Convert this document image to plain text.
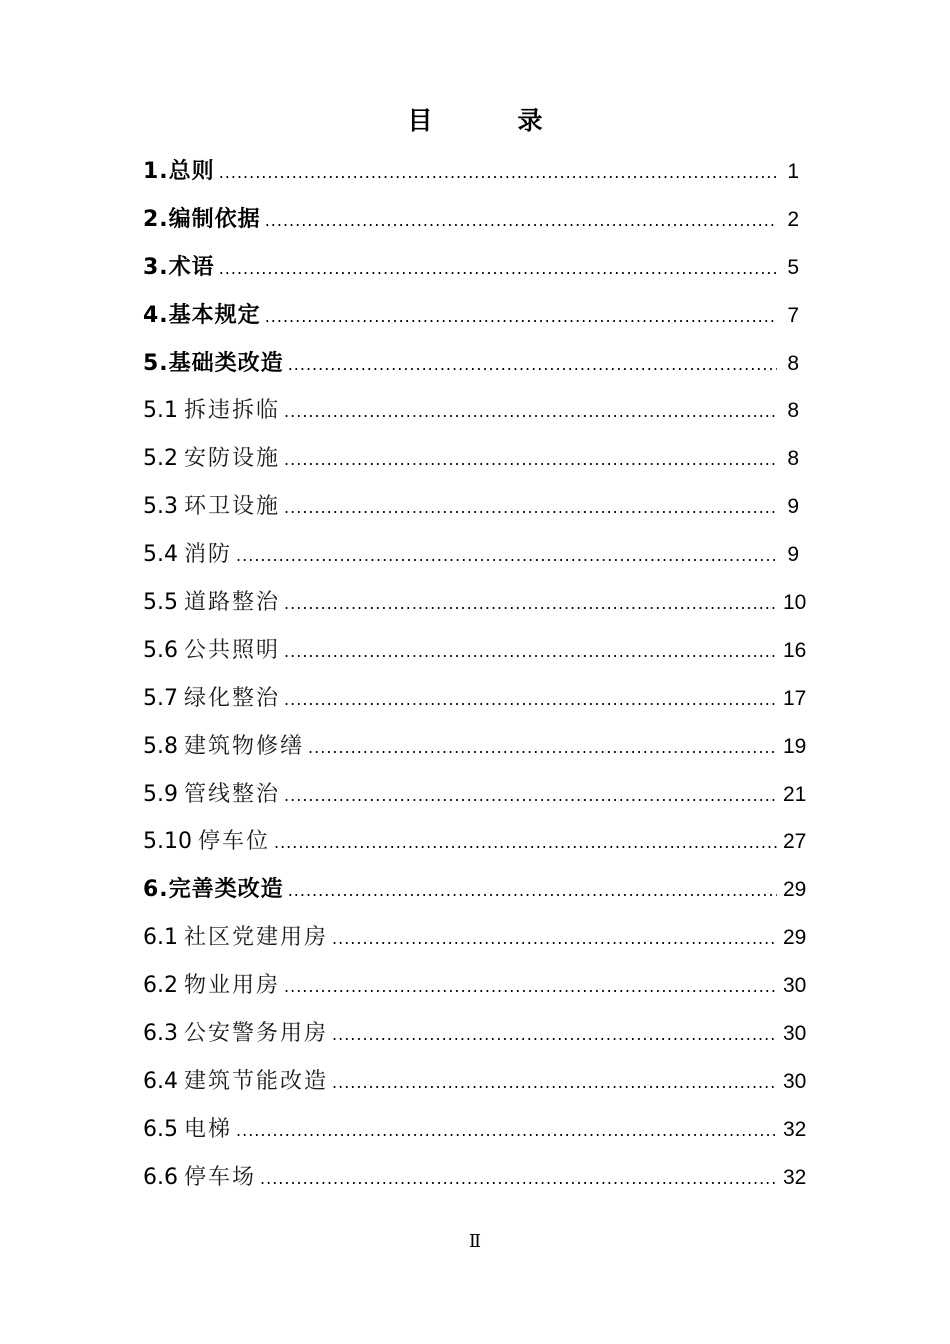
目　录
1. 总则 .....	1
2. 编制依据 .....	2
3. 术语 .....	5
4. 基本规定 .....	7
5. 基础类改造 .....	8
5.1 拆违拆临 .....	8
5.2 安防设施 .....	8
5.3 环卫设施 .....	9
5.4 消防 .....	9
5.5 道路整治 .....	10
5.6 公共照明 .....	16
5.7 绿化整治 .....	17
5.8 建筑物修缮 .....	19
5.9 管线整治 .....	21
5.10 停车位 .....	27
6. 完善类改造 .....	29
6.1 社区党建用房 .....	29
6.2 物业用房 .....	30
6.3 公安警务用房 .....	30
6.4 建筑节能改造 .....	30
6.5 电梯 .....	32
6.6 停车场 .....	32
Ⅱ
